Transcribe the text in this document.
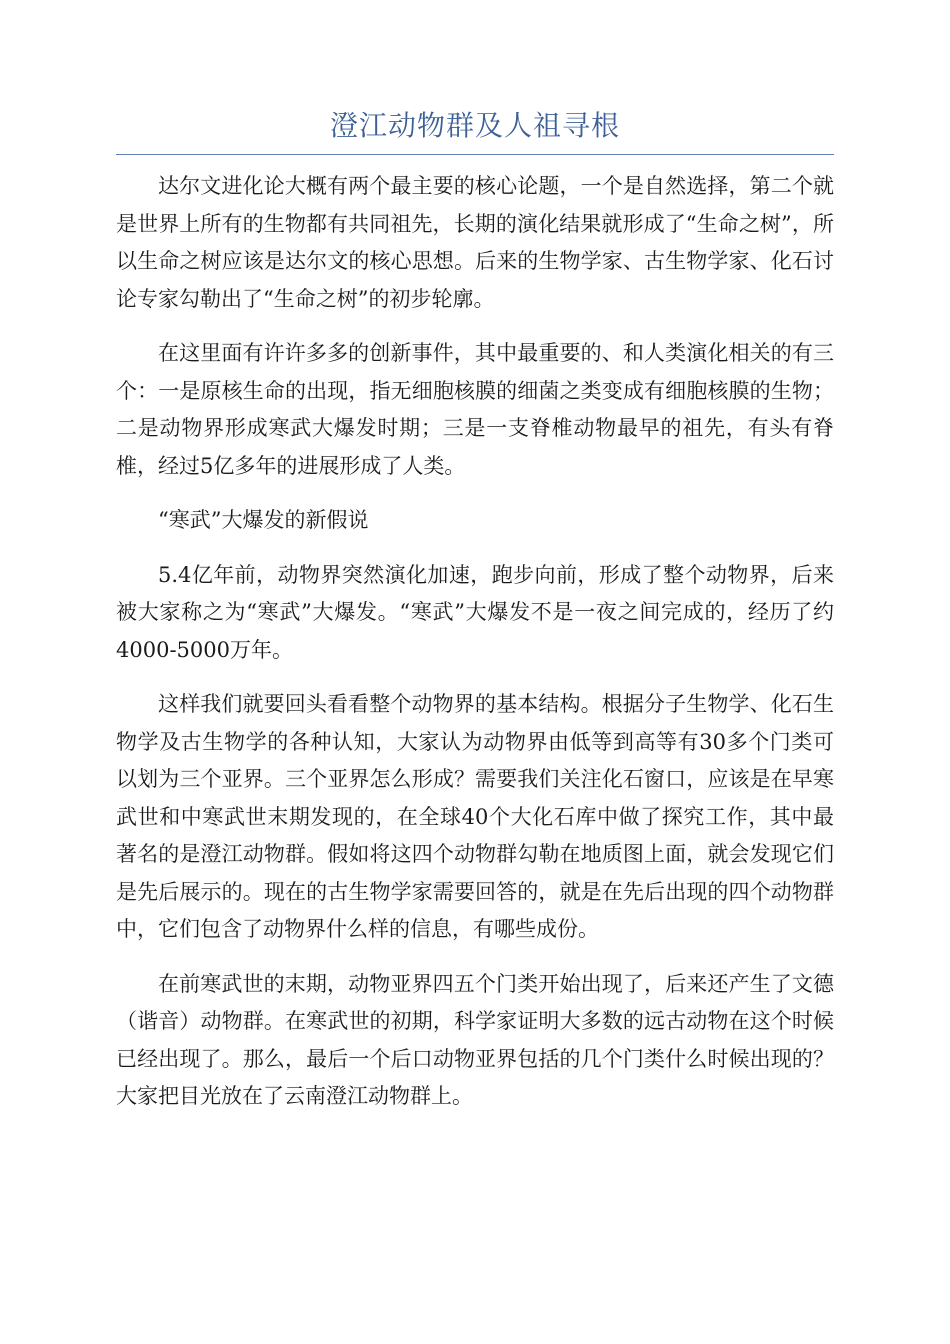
澄江动物群及人祖寻根

达尔文进化论大概有两个最主要的核心论题，一个是自然选择，第二个就是世界上所有的生物都有共同祖先，长期的演化结果就形成了“生命之树”，所以生命之树应该是达尔文的核心思想。后来的生物学家、古生物学家、化石讨论专家勾勒出了“生命之树”的初步轮廓。

在这里面有许许多多的创新事件，其中最重要的、和人类演化相关的有三个：一是原核生命的出现，指无细胞核膜的细菌之类变成有细胞核膜的生物；二是动物界形成寒武大爆发时期；三是一支脊椎动物最早的祖先，有头有脊椎，经过5亿多年的进展形成了人类。

“寒武”大爆发的新假说

5.4亿年前，动物界突然演化加速，跑步向前，形成了整个动物界，后来被大家称之为“寒武”大爆发。“寒武”大爆发不是一夜之间完成的，经历了约4000-5000万年。

这样我们就要回头看看整个动物界的基本结构。根据分子生物学、化石生物学及古生物学的各种认知，大家认为动物界由低等到高等有30多个门类可以划为三个亚界。三个亚界怎么形成？需要我们关注化石窗口，应该是在早寒武世和中寒武世末期发现的，在全球40个大化石库中做了探究工作，其中最著名的是澄江动物群。假如将这四个动物群勾勒在地质图上面，就会发现它们是先后展示的。现在的古生物学家需要回答的，就是在先后出现的四个动物群中，它们包含了动物界什么样的信息，有哪些成份。

在前寒武世的末期，动物亚界四五个门类开始出现了，后来还产生了文德（谐音）动物群。在寒武世的初期，科学家证明大多数的远古动物在这个时候已经出现了。那么，最后一个后口动物亚界包括的几个门类什么时候出现的？大家把目光放在了云南澄江动物群上。
